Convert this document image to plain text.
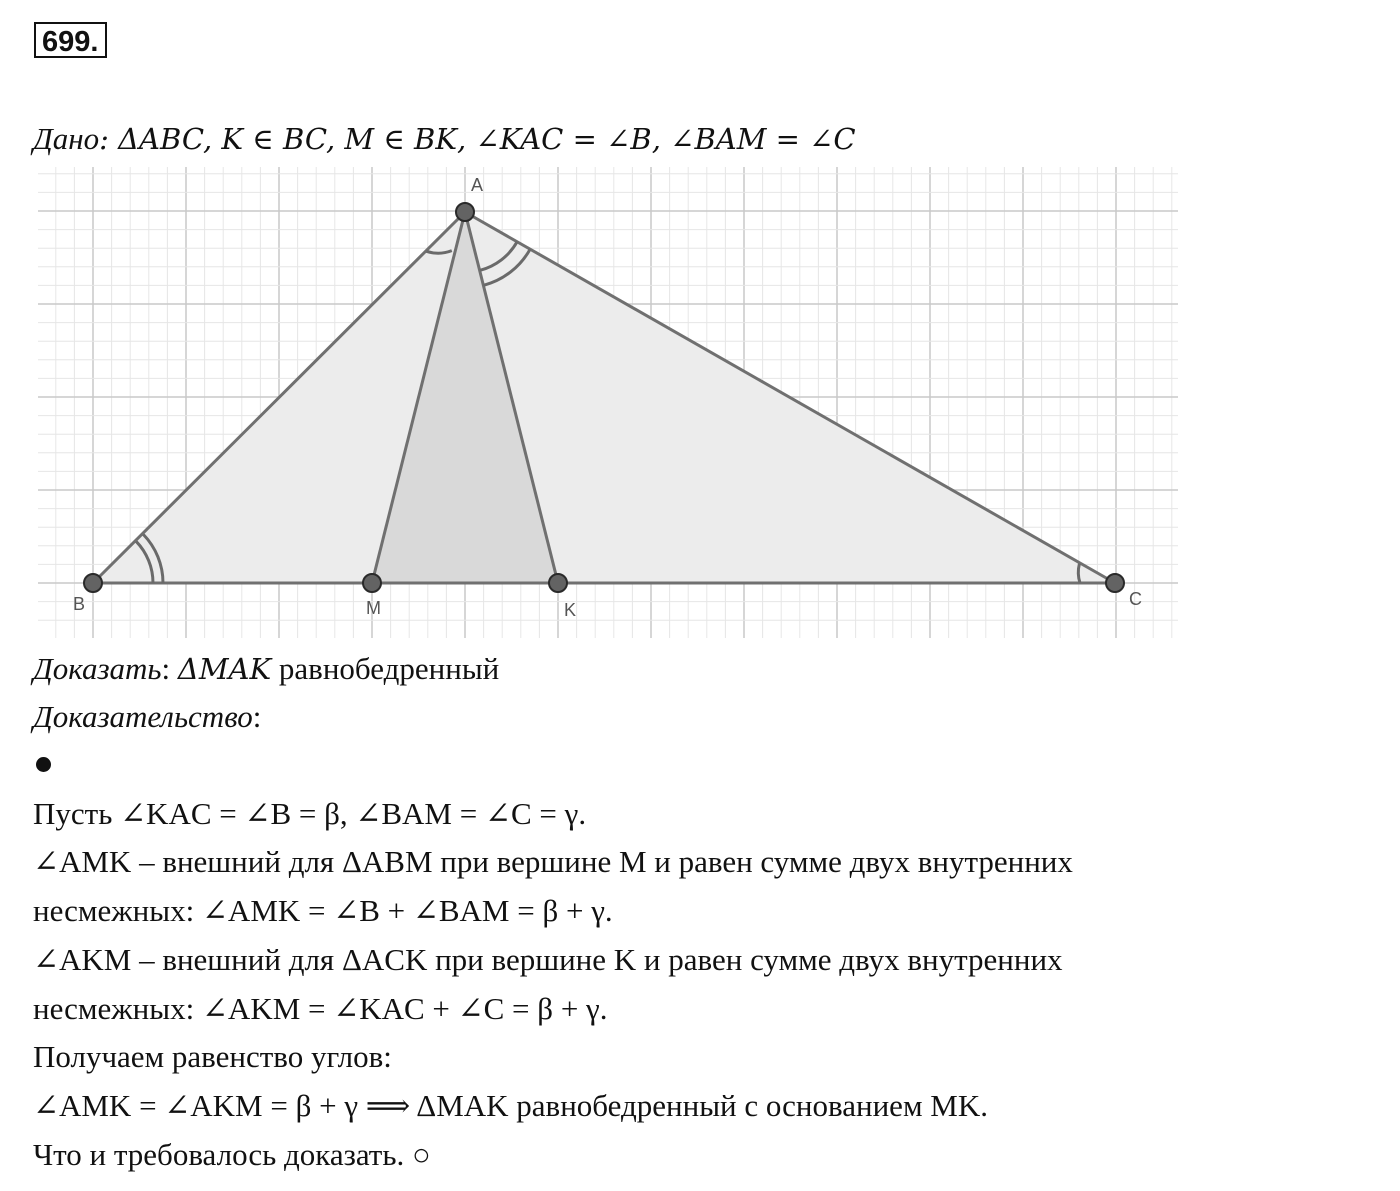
699.
Дано: ΔABC, K ∈ BC, M ∈ BK, ∠KAC = ∠B, ∠BAM = ∠C
A
B	C
M	K
Доказать: ΔMAK равнобедренный
Доказательство:
Пусть ∠KAC = ∠B = β, ∠BAM = ∠C = γ.
∠AMK – внешний для ΔABM при вершине M и равен сумме двух внутренних
несмежных: ∠AMK = ∠B + ∠BAM = β + γ.
∠AKM – внешний для ΔACK при вершине K и равен сумме двух внутренних
несмежных: ∠AKM = ∠KAC + ∠C = β + γ.
Получаем равенство углов:
∠AMK = ∠AKM = β + γ ⟹ ΔMAK равнобедренный с основанием MK.
Что и требовалось доказать. ○
